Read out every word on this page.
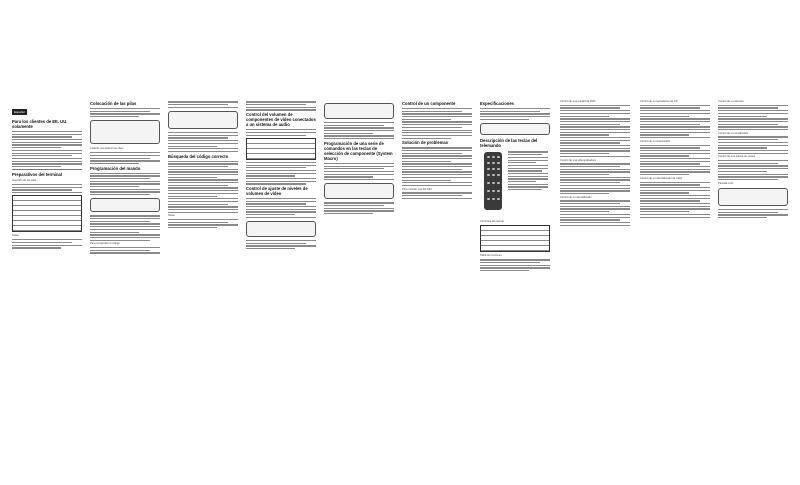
Español
Para los clientes de EE. UU. solamente
Preparativos del terminal
Inserción de las pilas
Notas
Colocación de las pilas
Cuándo reemplazar las pilas
Programación del mando
Para comprobar el código
Búsqueda del código correcto
Notas
Control del volumen de componentes de vídeo conectados a un sistema de audio
Control de ajuste de niveles de volumen de vídeo
Programación de una serie de comandos en las teclas de selección de componente (System Macro)
Control de un componente
Solución de problemas
Para mostrar una FN-KEY
Especificaciones
Descripción de las teclas del telemando
Controles del mando
Tabla de funciones
Control de una unidad de DVD
Control de una videograbadora
Control de un decodificador
Control de un reproductor de CD
Control de un sintonizador
Control de un decodificador de cable
Control de un televisor
Control de un amplificador
Control de una platina de casete
Pantalla LCD
